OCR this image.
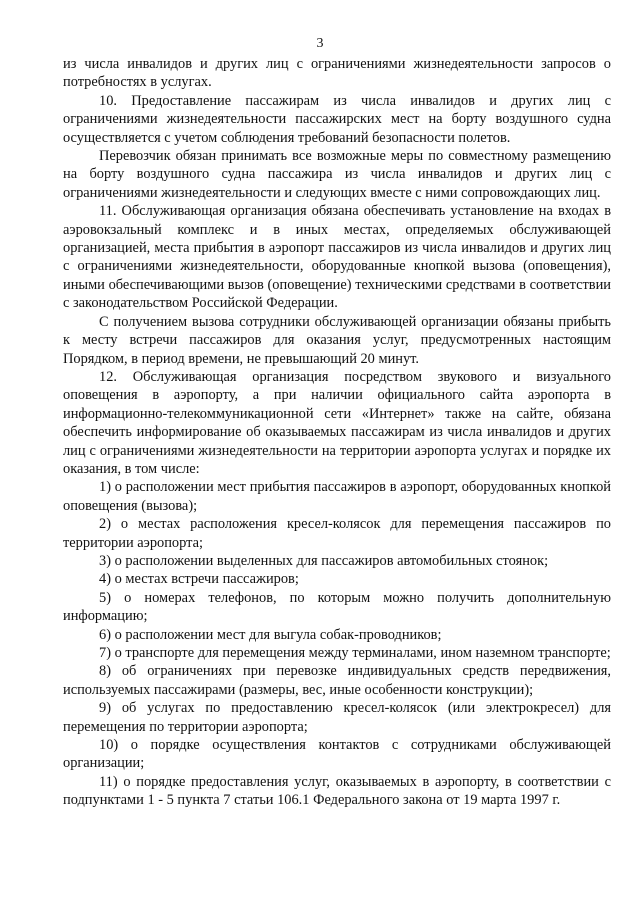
3

из числа инвалидов и других лиц с ограничениями жизнедеятельности запросов о потребностях в услугах.

10. Предоставление пассажирам из числа инвалидов и других лиц с ограничениями жизнедеятельности пассажирских мест на борту воздушного судна осуществляется с учетом соблюдения требований безопасности полетов.

Перевозчик обязан принимать все возможные меры по совместному размещению на борту воздушного судна пассажира из числа инвалидов и других лиц с ограничениями жизнедеятельности и следующих вместе с ними сопровождающих лиц.

11. Обслуживающая организация обязана обеспечивать установление на входах в аэровокзальный комплекс и в иных местах, определяемых обслуживающей организацией, места прибытия в аэропорт пассажиров из числа инвалидов и других лиц с ограничениями жизнедеятельности, оборудованные кнопкой вызова (оповещения), иными обеспечивающими вызов (оповещение) техническими средствами в соответствии с законодательством Российской Федерации.

С получением вызова сотрудники обслуживающей организации обязаны прибыть к месту встречи пассажиров для оказания услуг, предусмотренных настоящим Порядком, в период времени, не превышающий 20 минут.

12. Обслуживающая организация посредством звукового и визуального оповещения в аэропорту, а при наличии официального сайта аэропорта в информационно-телекоммуникационной сети «Интернет» также на сайте, обязана обеспечить информирование об оказываемых пассажирам из числа инвалидов и других лиц с ограничениями жизнедеятельности на территории аэропорта услугах и порядке их оказания, в том числе:

1) о расположении мест прибытия пассажиров в аэропорт, оборудованных кнопкой оповещения (вызова);

2) о местах расположения кресел-колясок для перемещения пассажиров по территории аэропорта;

3) о расположении выделенных для пассажиров автомобильных стоянок;

4) о местах встречи пассажиров;

5) о номерах телефонов, по которым можно получить дополнительную информацию;

6) о расположении мест для выгула собак-проводников;

7) о транспорте для перемещения между терминалами, ином наземном транспорте;

8) об ограничениях при перевозке индивидуальных средств передвижения, используемых пассажирами (размеры, вес, иные особенности конструкции);

9) об услугах по предоставлению кресел-колясок (или электрокресел) для перемещения по территории аэропорта;

10) о порядке осуществления контактов с сотрудниками обслуживающей организации;

11) о порядке предоставления услуг, оказываемых в аэропорту, в соответствии с подпунктами 1 - 5 пункта 7 статьи 106.1 Федерального закона от 19 марта 1997 г.
